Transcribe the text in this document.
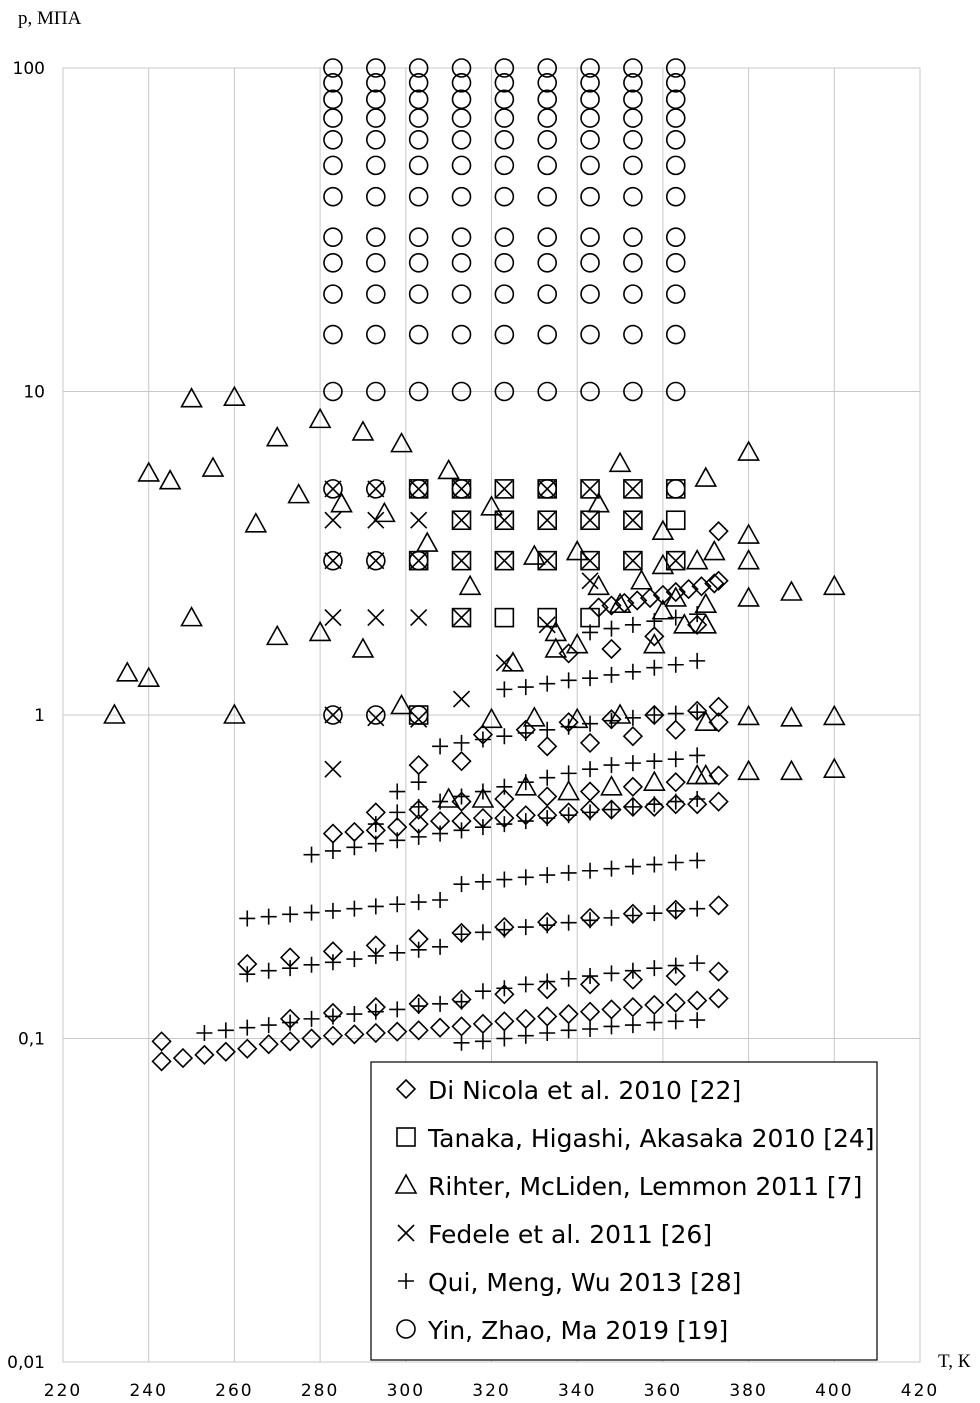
0,01
0,1
1
10
100
220	240	260	280	300	320	340	360	380	400	420
p, МПА
T, К
Di Nicola et al. 2010 [22]
Tanaka, Higashi, Akasaka 2010 [24]
Rihter, McLiden, Lemmon 2011 [7]
Fedele et al. 2011 [26]
Qui, Meng, Wu 2013 [28]
Yin, Zhao, Ma 2019 [19]
